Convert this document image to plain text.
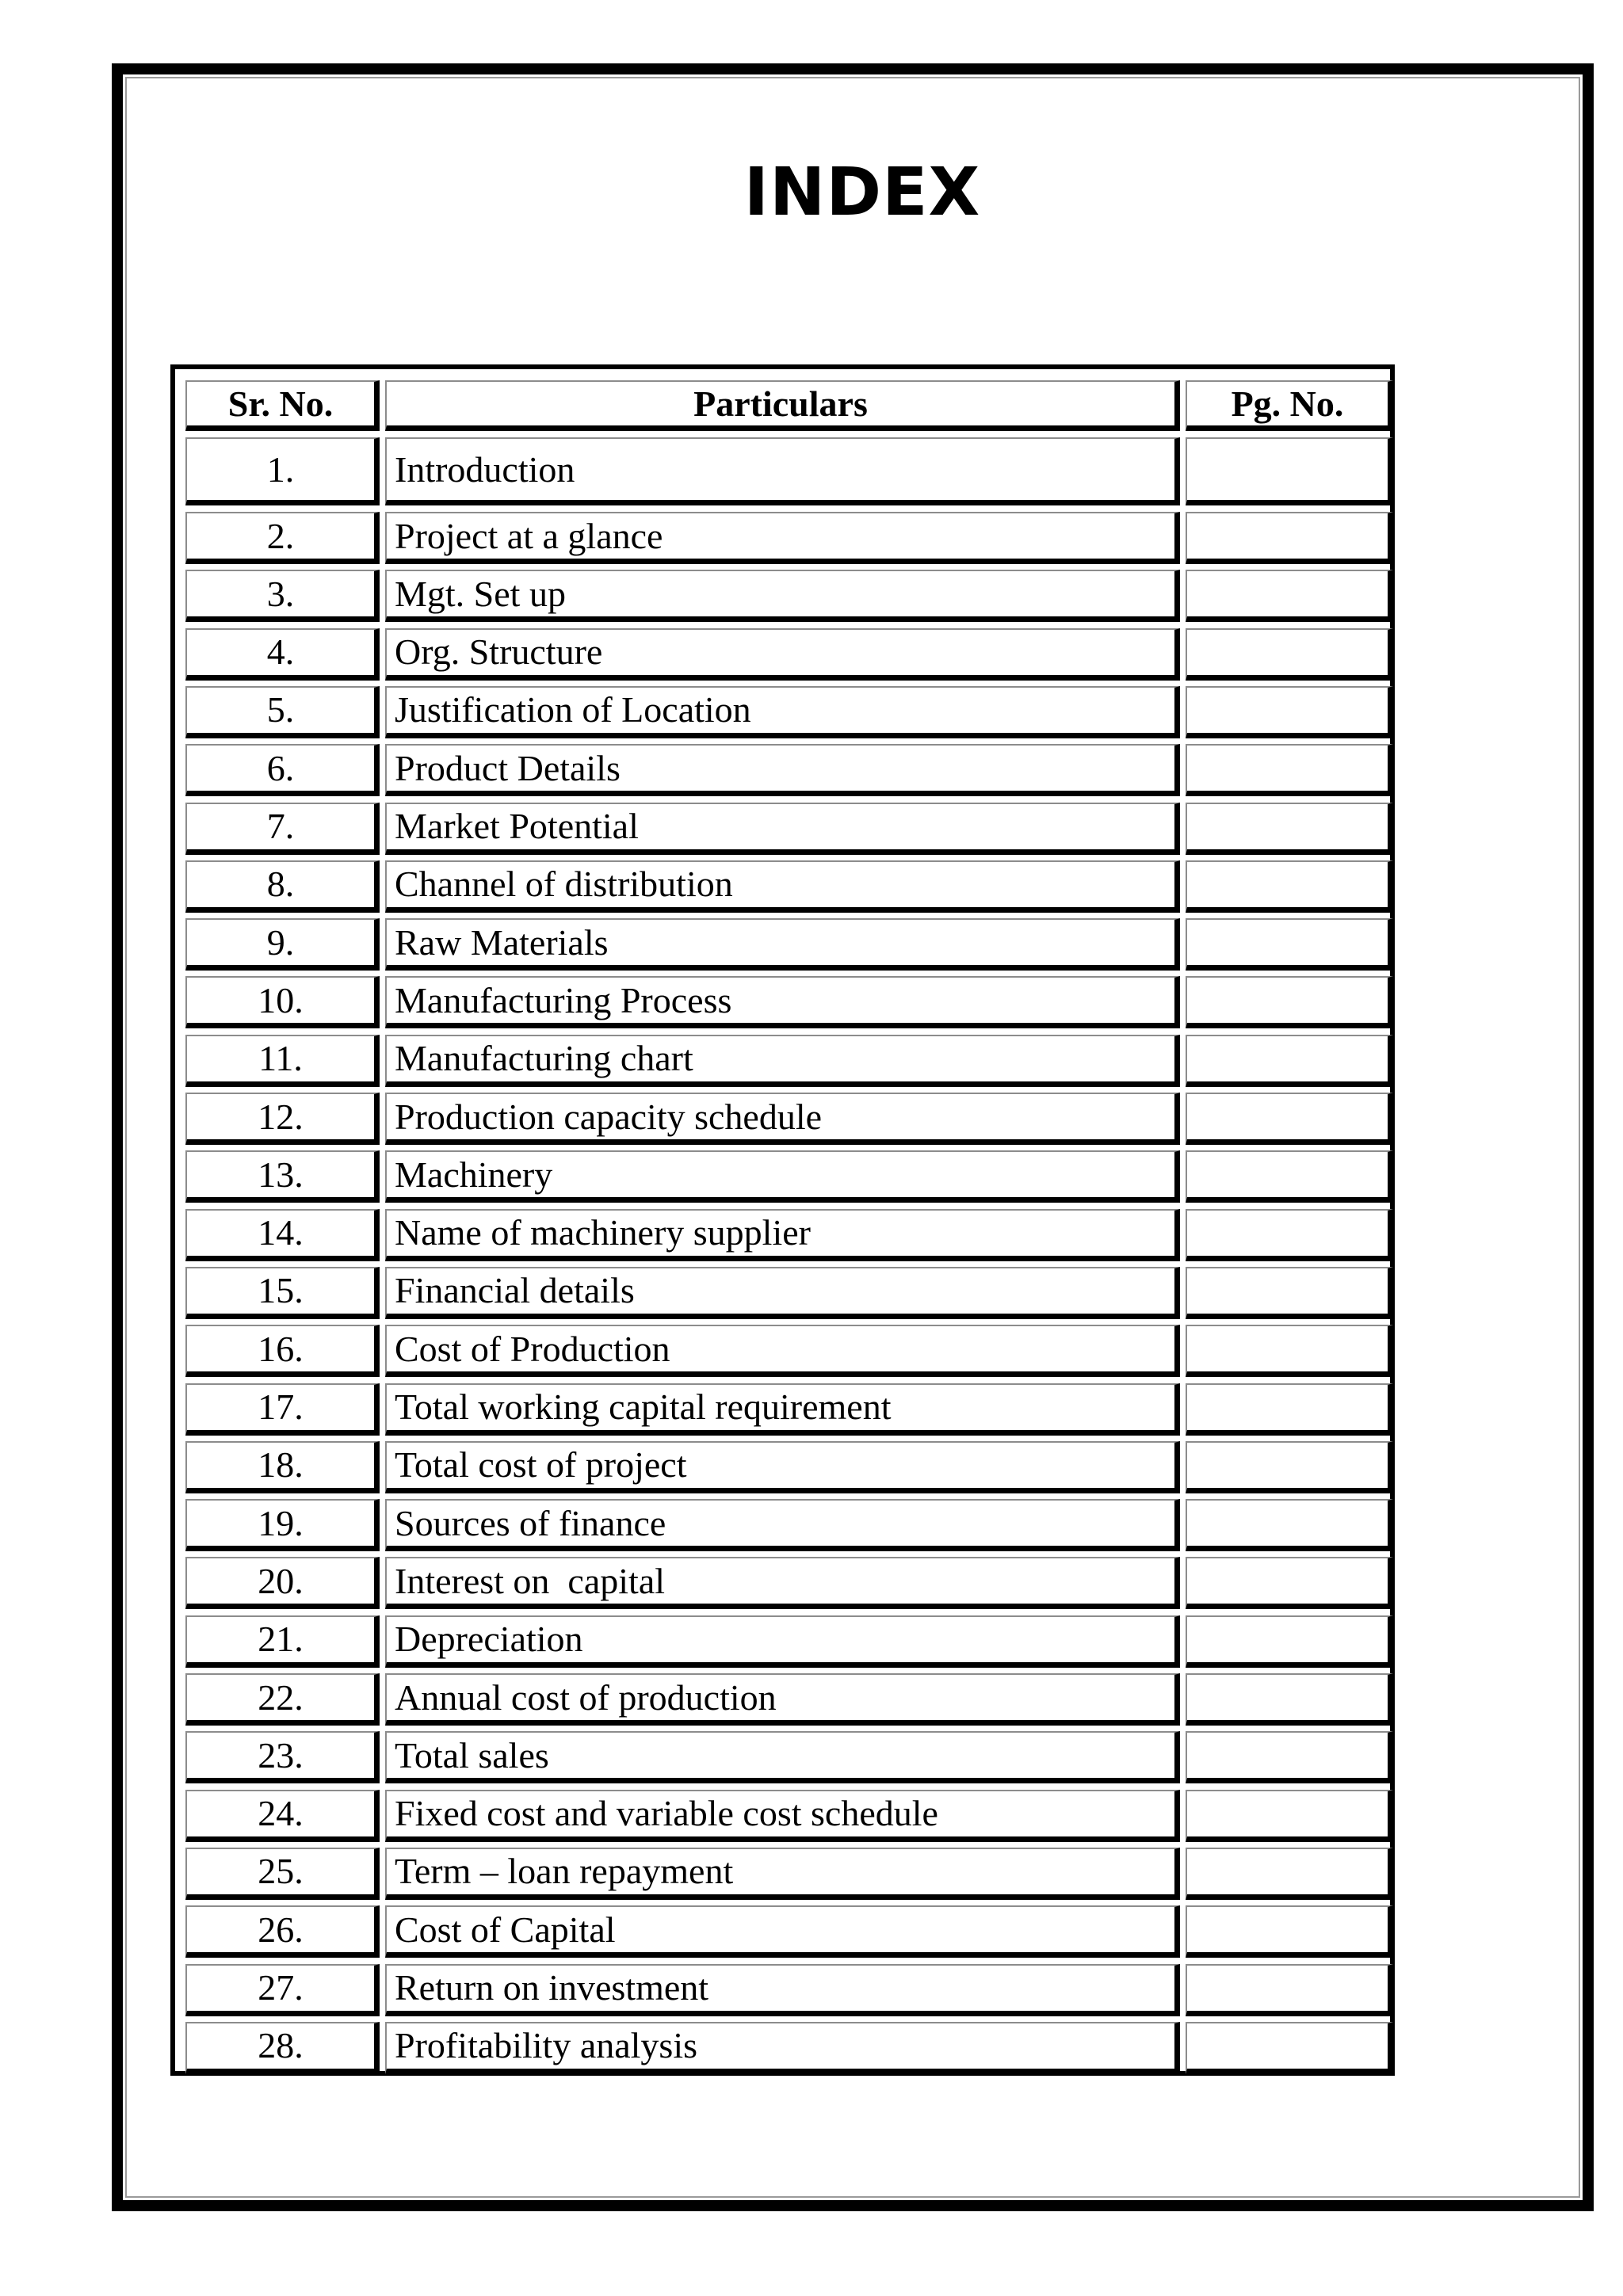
INDEX
Sr. No.	Particulars	Pg. No.
1.	Introduction
2.	Project at a glance
3.	Mgt. Set up
4.	Org. Structure
5.	Justification of Location
6.	Product Details
7.	Market Potential
8.	Channel of distribution
9.	Raw Materials
10.	Manufacturing Process
11.	Manufacturing chart
12.	Production capacity schedule
13.	Machinery
14.	Name of machinery supplier
15.	Financial details
16.	Cost of Production
17.	Total working capital requirement
18.	Total cost of project
19.	Sources of finance
20.	Interest on  capital
21.	Depreciation
22.	Annual cost of production
23.	Total sales
24.	Fixed cost and variable cost schedule
25.	Term – loan repayment
26.	Cost of Capital
27.	Return on investment
28.	Profitability analysis
